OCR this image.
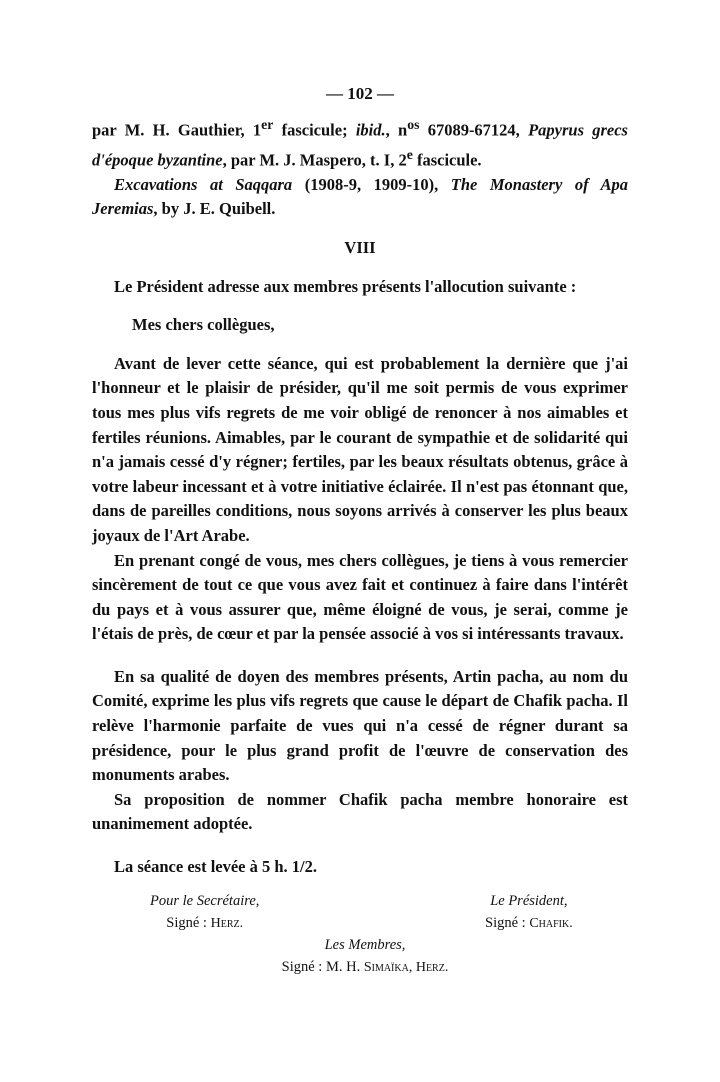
— 102 —

par M. H. Gauthier, 1er fascicule; ibid., $n^{os}$ 67089-67124, Papyrus grecs d'époque byzantine, par M. J. Maspero, t. I, 2e fascicule.

Excavations at Saqqara (1908-9, 1909-10), The Monastery of Apa Jeremias, by J. E. Quibell.

VIII

Le Président adresse aux membres présents l'allocution suivante :

Mes chers collègues,

Avant de lever cette séance, qui est probablement la dernière que j'ai l'honneur et le plaisir de présider, qu'il me soit permis de vous exprimer tous mes plus vifs regrets de me voir obligé de renoncer à nos aimables et fertiles réunions. Aimables, par le courant de sympathie et de solidarité qui n'a jamais cessé d'y régner; fertiles, par les beaux résultats obtenus, grâce à votre labeur incessant et à votre initiative éclairée. Il n'est pas étonnant que, dans de pareilles conditions, nous soyons arrivés à conserver les plus beaux joyaux de l'Art Arabe.

En prenant congé de vous, mes chers collègues, je tiens à vous remercier sincèrement de tout ce que vous avez fait et continuez à faire dans l'intérêt du pays et à vous assurer que, même éloigné de vous, je serai, comme je l'étais de près, de cœur et par la pensée associé à vos si intéressants travaux.

En sa qualité de doyen des membres présents, Artin pacha, au nom du Comité, exprime les plus vifs regrets que cause le départ de Chafik pacha. Il relève l'harmonie parfaite de vues qui n'a cessé de régner durant sa présidence, pour le plus grand profit de l'œuvre de conservation des monuments arabes.

Sa proposition de nommer Chafik pacha membre honoraire est unanimement adoptée.

La séance est levée à 5 h. 1/2.

Pour le Secrétaire,
Signé : Herz.
Le Président,
Signé : Chafik.
Les Membres,
Signé : M. H. Simaïka, Herz.
